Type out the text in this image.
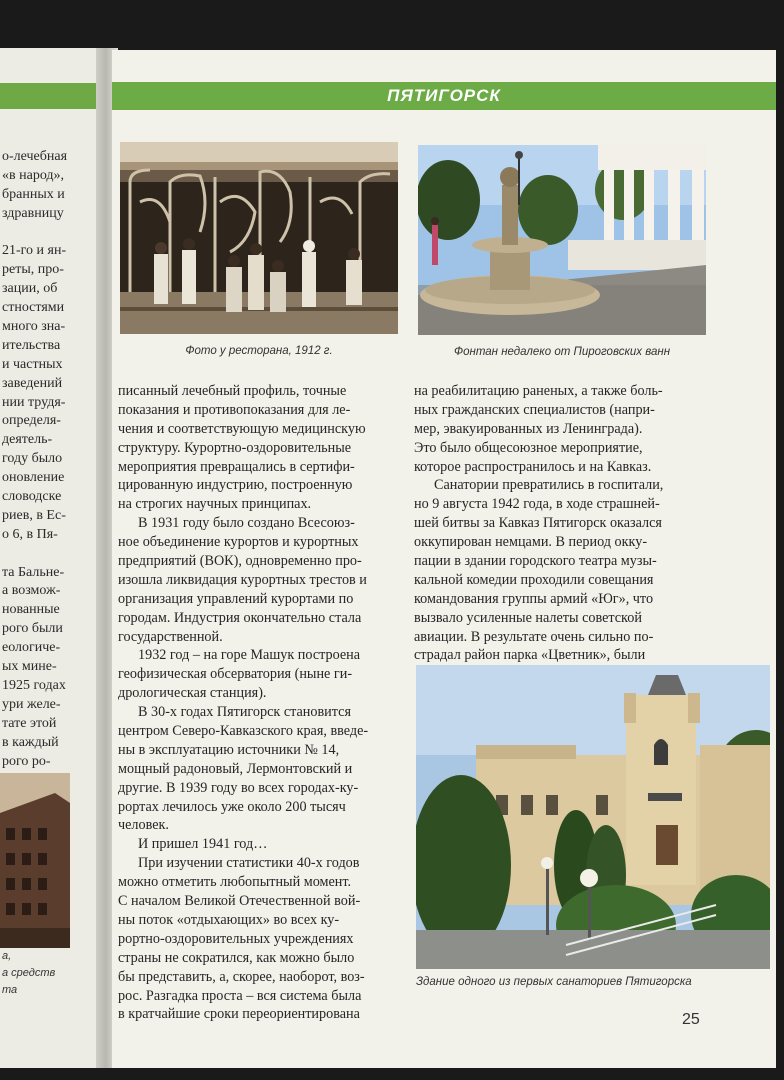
о-лечебная
«в народ»,
бранных и
здравницу
21-го и ян-
реты, про-
зации, об
стностями
много зна-
ительства
и частных
заведений
нии трудя-
определя-
деятель-
году было
оновление
словодске
риев, в Ес-
о 6, в Пя-
та Бальне-
а возмож-
нованные
рого были
еологиче-
ых мине-
1925 годах
ури желе-
тате этой
в каждый
рого ро-
а,
а средств
та
ПЯТИГОРСК
Фото у ресторана, 1912 г.	Фонтан недалеко от Пироговских ванн
писанный лечебный профиль, точные
показания и противопоказания для ле-
чения и соответствующую медицинскую
структуру. Курортно-оздоровительные
мероприятия превращались в сертифи-
цированную индустрию, построенную
на строгих научных принципах.
В 1931 году было создано Всесоюз-
ное объединение курортов и курортных
предприятий (ВОК), одновременно про-
изошла ликвидация курортных трестов и
организация управлений курортами по
городам. Индустрия окончательно стала
государственной.
1932 год – на горе Машук построена
геофизическая обсерватория (ныне ги-
дрологическая станция).
В 30-х годах Пятигорск становится
центром Северо-Кавказского края, введе-
ны в эксплуатацию источники № 14,
мощный радоновый, Лермонтовский и
другие. В 1939 году во всех городах-ку-
рортах лечилось уже около 200 тысяч
человек.
И пришел 1941 год…
При изучении статистики 40-х годов
можно отметить любопытный момент.
С началом Великой Отечественной вой-
ны поток «отдыхающих» во всех ку-
рортно-оздоровительных учреждениях
страны не сократился, как можно было
бы представить, а, скорее, наоборот, воз-
рос. Разгадка проста – вся система была
в кратчайшие сроки переориентирована
на реабилитацию раненых, а также боль-
ных гражданских специалистов (напри-
мер, эвакуированных из Ленинграда).
Это было общесоюзное мероприятие,
которое распространилось и на Кавказ.
Санатории превратились в госпитали,
но 9 августа 1942 года, в ходе страшней-
шей битвы за Кавказ Пятигорск оказался
оккупирован немцами. В период окку-
пации в здании городского театра музы-
кальной комедии проходили совещания
командования группы армий «Юг», что
вызвало усиленные налеты советской
авиации. В результате очень сильно по-
страдал район парка «Цветник», были
Здание одного из первых санаториев Пятигорска
25
